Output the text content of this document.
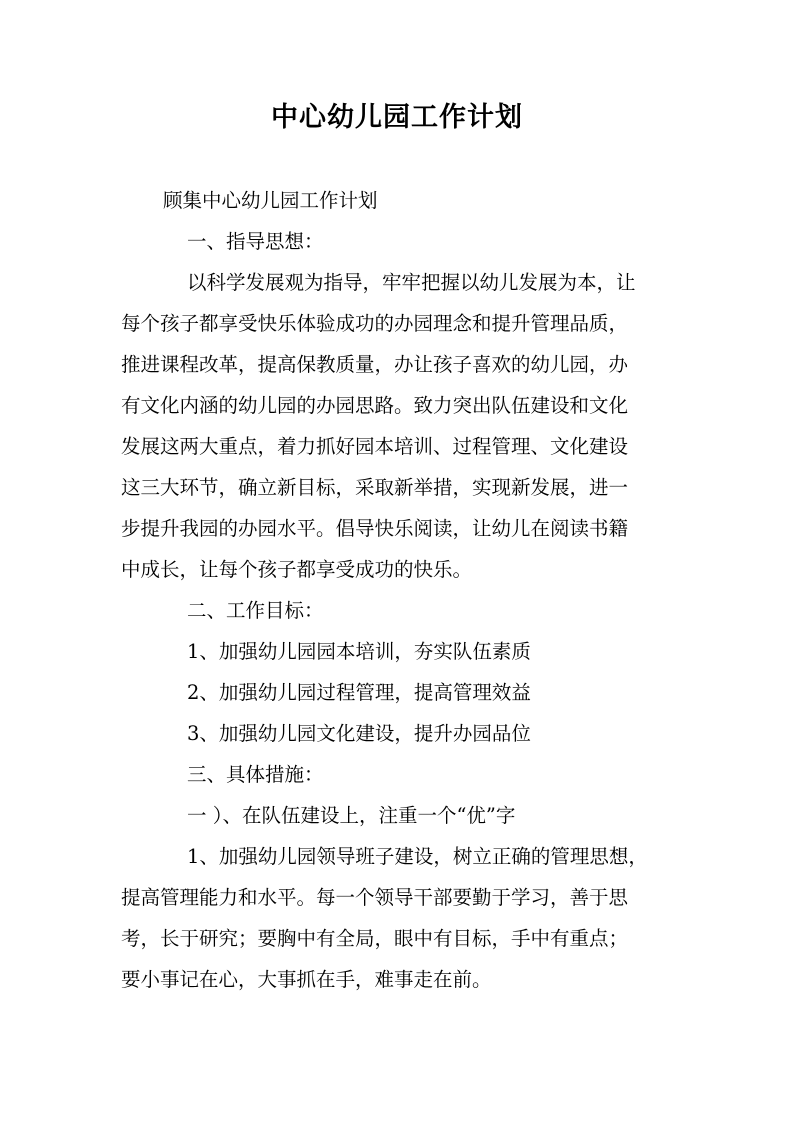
中心幼儿园工作计划

顾集中心幼儿园工作计划

一、指导思想：

以科学发展观为指导，牢牢把握以幼儿发展为本，让
每个孩子都享受快乐体验成功的办园理念和提升管理品质，
推进课程改革，提高保教质量，办让孩子喜欢的幼儿园，办
有文化内涵的幼儿园的办园思路。致力突出队伍建设和文化
发展这两大重点，着力抓好园本培训、过程管理、文化建设
这三大环节，确立新目标，采取新举措，实现新发展，进一
步提升我园的办园水平。倡导快乐阅读，让幼儿在阅读书籍
中成长，让每个孩子都享受成功的快乐。

二、工作目标：

1、加强幼儿园园本培训，夯实队伍素质

2、加强幼儿园过程管理，提高管理效益

3、加强幼儿园文化建设，提升办园品位

三、具体措施：

一 ）、在队伍建设上，注重一个“优”字

1、加强幼儿园领导班子建设，树立正确的管理思想，
提高管理能力和水平。每一个领导干部要勤于学习，善于思
考，长于研究；要胸中有全局，眼中有目标，手中有重点；
要小事记在心，大事抓在手，难事走在前。
